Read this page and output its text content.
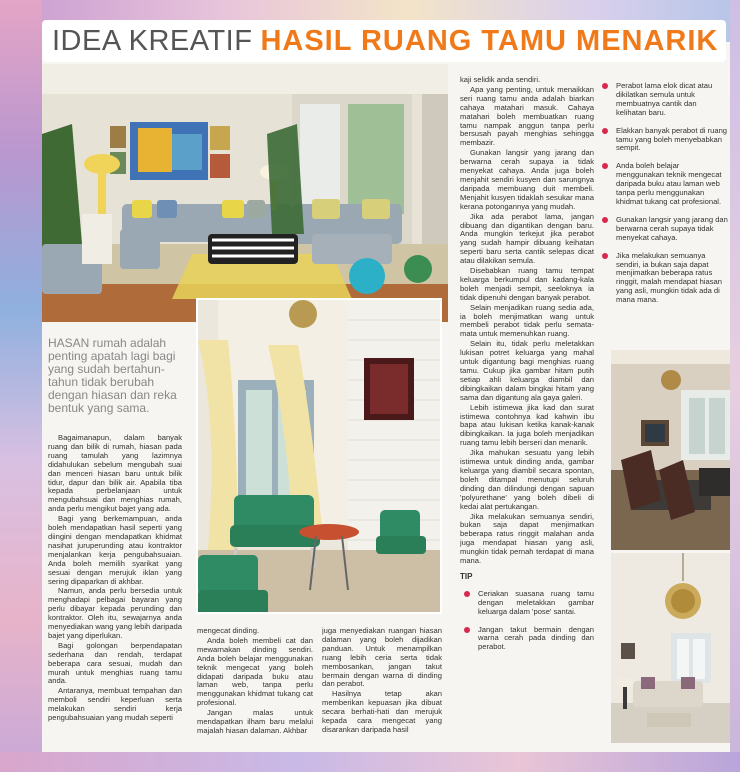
IDEA KREATIF HASIL RUANG TAMU MENARIK
HASAN rumah adalah penting apatah lagi bagi yang sudah bertahun-tahun tidak berubah dengan hiasan dan reka bentuk yang sama.

Bagaimanapun, dalam banyak ruang dan bilik di rumah, hiasan pada ruang tamulah yang lazimnya didahulukan sebelum mengubah suai dan menceri hiasan baru untuk bilik tidur, dapur dan bilik air. Apabila tiba kepada perbelanjaan untuk mengubahsuai dan menghias rumah, anda perlu mengikut bajet yang ada.

Bagi yang berkemampuan, anda boleh mendapatkan hasil seperti yang diingini dengan mendapatkan khidmat nasihat juruperunding atau kontraktor menjalankan kerja pengubahsuaian. Anda boleh memilih syarikat yang sesuai dengan merujuk iklan yang sering dipaparkan di akhbar.

Namun, anda perlu bersedia untuk menghadapi pelbagai bayaran yang perlu dibayar kepada perunding dan kontraktor. Oleh itu, sewajarnya anda menyediakan wang yang lebih daripada bajet yang diperlukan.

Bagi golongan berpendapatan sederhana dan rendah, terdapat beberapa cara sesuai, mudah dan murah untuk menghias ruang tamu anda.

Antaranya, membuat tempahan dan memboli sendiri keperluan serta melakukan sendiri kerja pengubahsuaian yang mudah seperti

mengecat dinding.

Anda boleh membeli cat dan mewarnakan dinding sendiri. Anda boleh belajar menggunakan teknik mengecat yang boleh didapati daripada buku atau laman web, tanpa perlu menggunakan khidmat tukang cat profesional.

Jangan malas untuk mendapatkan ilham baru melalui majalah hiasan dalaman. Akhbar

juga menyediakan ruangan hiasan dalaman yang boleh dijadikan panduan. Untuk menampilkan ruang lebih ceria serta tidak membosankan, jangan takut bermain dengan warna di dinding dan perabot.

Hasilnya tetap akan memberikan kepuasan jika dibuat secara berhati-hati dan merujuk kepada cara mengecat yang disarankan daripada hasil

kaji selidik anda sendiri.

Apa yang penting, untuk menaikkan seri ruang tamu anda adalah biarkan cahaya matahari masuk. Cahaya matahari boleh membuatkan ruang tamu nampak anggun tanpa perlu bersusah payah menghias sehingga membazir.

Gunakan langsir yang jarang dan berwarna cerah supaya ia tidak menyekat cahaya. Anda juga boleh menjahit sendiri kusyen dan sarungnya daripada membuang duit membeli. Menjahit kusyen tidaklah sesukar mana kerana potongannya yang mudah.

Jika ada perabot lama, jangan dibuang dan digantikan dengan baru. Anda mungkin terkejut jika perabot yang sudah hampir dibuang keihatan seperti baru serta cantik selepas dicat atau dilakikan semula.

Disebabkan ruang tamu tempat keluarga berkumpul dan kadang-kala boleh menjadi sempit, seeloknya ia tidak dipenuhi dengan banyak perabot.

Selain menjadikan ruang sedia ada, ia boleh menjimatkan wang untuk membeli perabot tidak perlu semata-mata untuk memenuhkan ruang.

Selain itu, tidak perlu meletakkan lukisan potret keluarga yang mahal untuk digantung bagi menghias ruang tamu. Cukup jika gambar hitam putih setiap ahli keluarga diambil dan dibingkaikan dalam bingkai hitam yang sama dan digantung ala gaya galeri.

Lebih istimewa jika kad dan surat istimewa contohnya kad kahwin ibu bapa atau lukisan ketika kanak-kanak dibingkaikan. Ia juga boleh menjadikan ruang tamu lebih berseri dan menarik.

Jika mahukan sesuatu yang lebih istimewa untuk dinding anda, gambar keluarga yang diambil secara spontan, boleh ditampal menutupi seluruh dinding dan dilindungi dengan sapuan 'polyurethane' yang boleh dibeli di kedai alat pertukangan.

Jika melakukan semuanya sendiri, bukan saja dapat menjimatkan beberapa ratus ringgit malahan anda juga mendapat hiasan yang asli, mungkin tidak pernah terdapat di mana mana.

TIP
Ceriakan suasana ruang tamu dengan meletakkan gambar keluarga dalam 'pose' santai.
Jangan takut bermain dengan warna cerah pada dinding dan perabot.
Perabot lama elok dicat atau dikilatkan semula untuk membuatnya cantik dan kelihatan baru.
Elakkan banyak perabot di ruang tamu yang boleh menyebabkan sempit.
Anda boleh belajar menggunakan teknik mengecat daripada buku atau laman web tanpa perlu menggunakan khidmat tukang cat profesional.
Gunakan langsir yang jarang dan berwarna cerah supaya tidak menyekat cahaya.
Jika melakukan semuanya sendiri, ia bukan saja dapat menjimatkan beberapa ratus ringgit, malah mendapat hiasan yang asli, mungkin tidak ada di mana mana.
